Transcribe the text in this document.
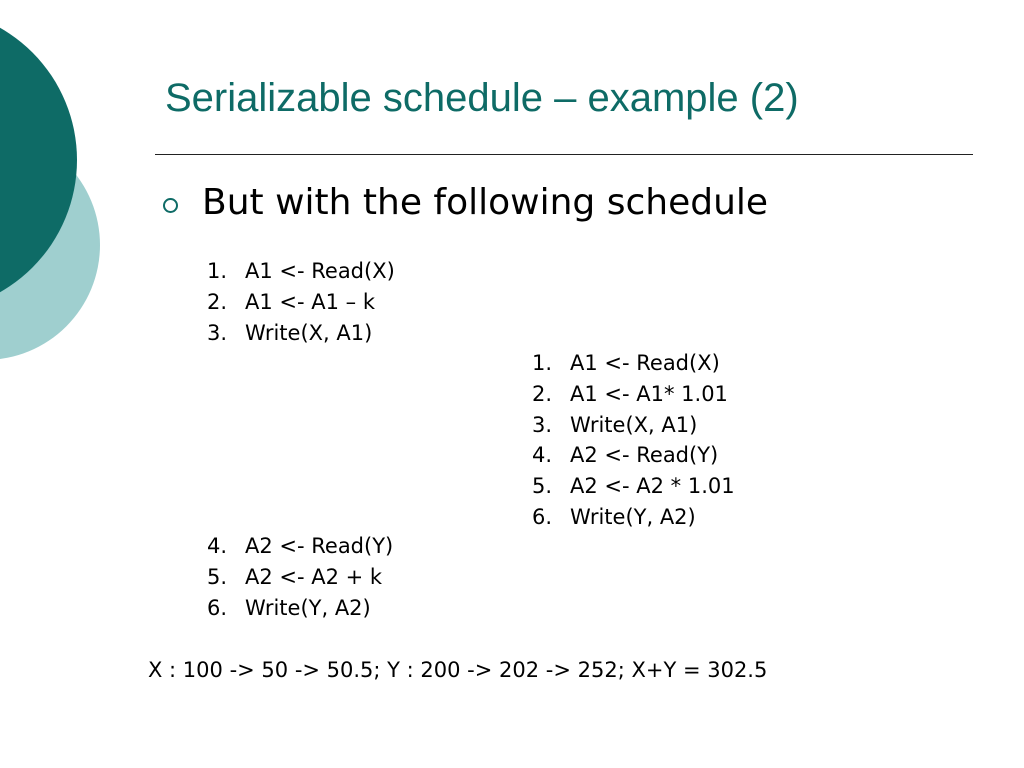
Serializable schedule – example (2)
But with the following schedule
1. A1 <- Read(X)
2. A1 <- A1 – k
3. Write(X, A1)
1. A1 <- Read(X)
2. A1 <- A1* 1.01
3. Write(X, A1)
4. A2 <- Read(Y)
5. A2 <- A2 * 1.01
6. Write(Y, A2)
4. A2 <- Read(Y)
5. A2 <- A2 + k
6. Write(Y, A2)

X : 100 -> 50 -> 50.5; Y : 200 -> 202 -> 252; X+Y = 302.5
